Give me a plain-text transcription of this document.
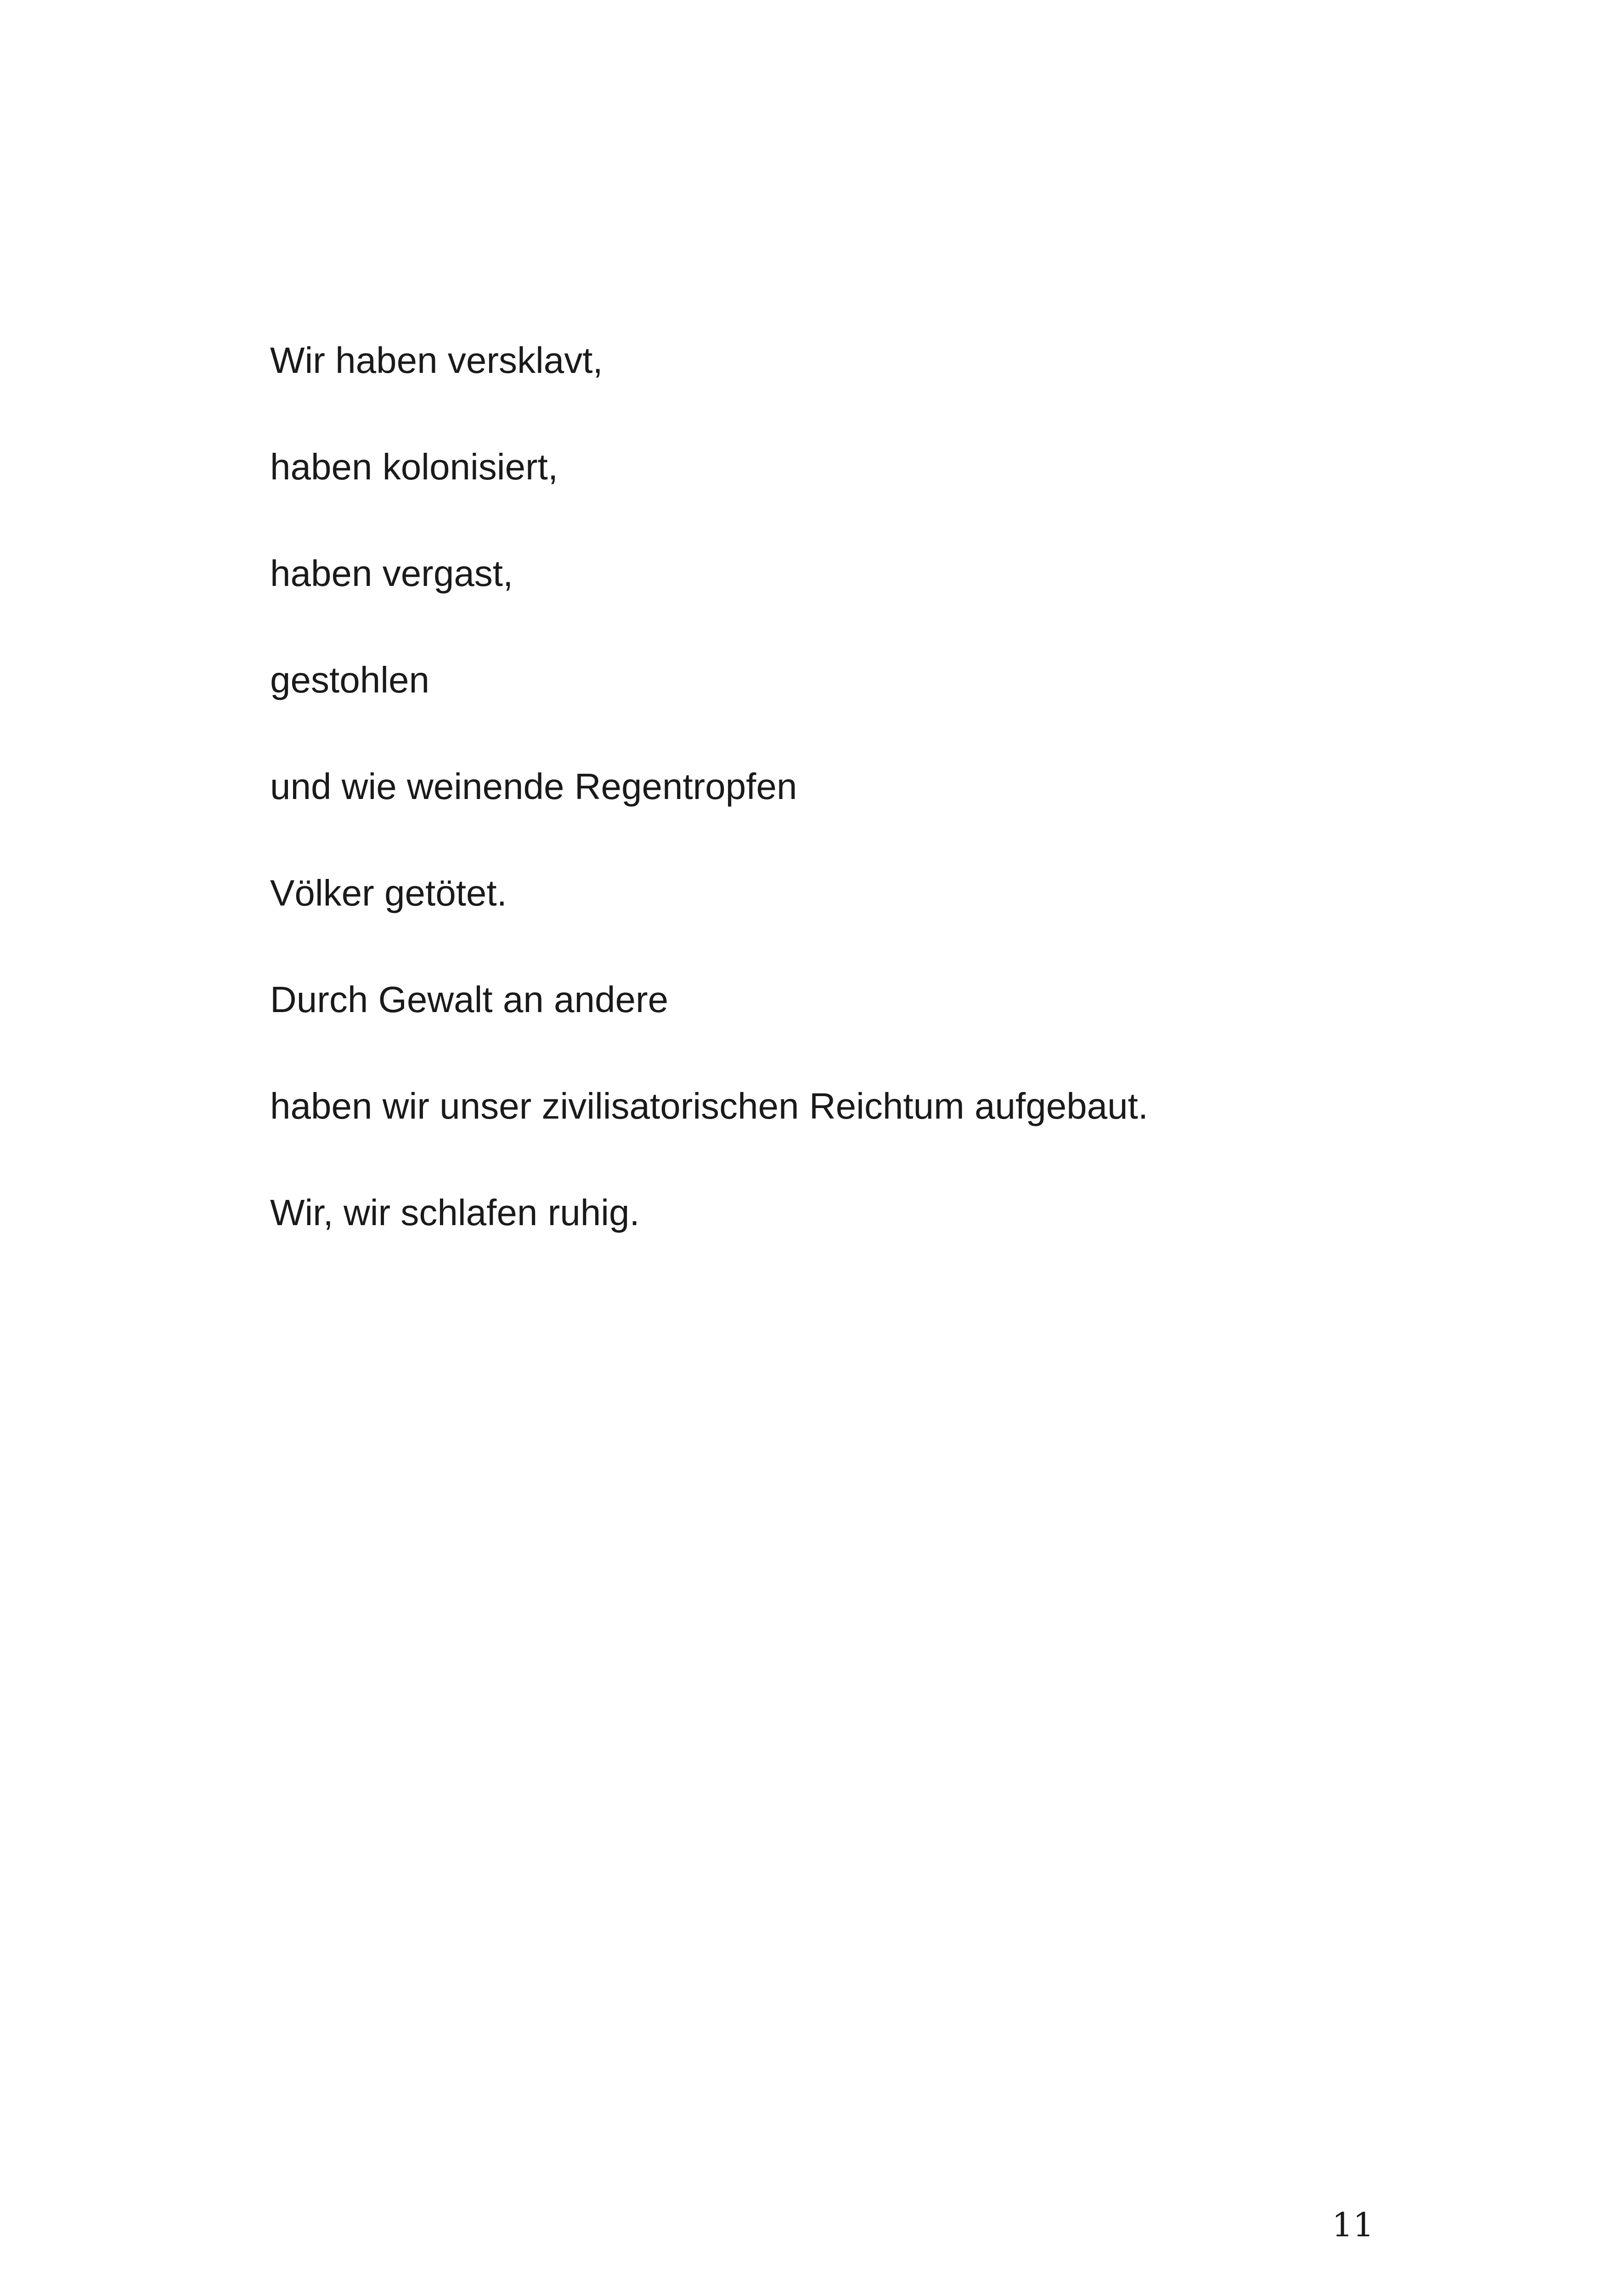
Wir haben versklavt,
haben kolonisiert,
haben vergast,
gestohlen
und wie weinende Regentropfen
Völker getötet.
Durch Gewalt an andere
haben wir unser zivilisatorischen Reichtum aufgebaut.
Wir, wir schlafen ruhig.
11
